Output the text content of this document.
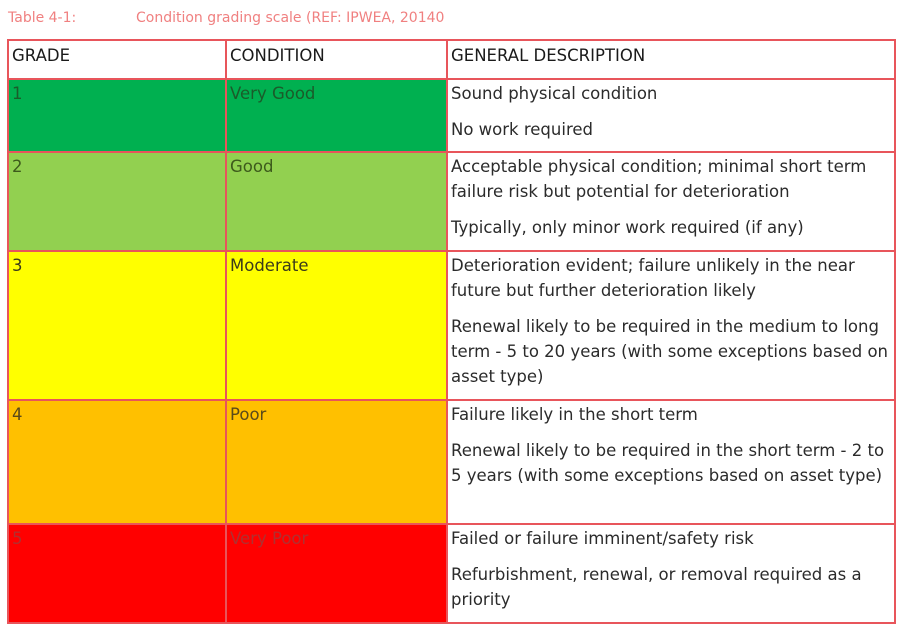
Table 4-1:	Condition grading scale (REF: IPWEA, 20140
GRADE	CONDITION	GENERAL DESCRIPTION

1	Very Good	Sound physical condition
No work required

2	Good	Acceptable physical condition; minimal short term failure risk but potential for deterioration
Typically, only minor work required (if any)

3	Moderate	Deterioration evident; failure unlikely in the near future but further deterioration likely
Renewal likely to be required in the medium to long term - 5 to 20 years (with some exceptions based on asset type)

4	Poor	Failure likely in the short term
Renewal likely to be required in the short term - 2 to 5 years (with some exceptions based on asset type)

5	Very Poor	Failed or failure imminent/safety risk
Refurbishment, renewal, or removal required as a priority
